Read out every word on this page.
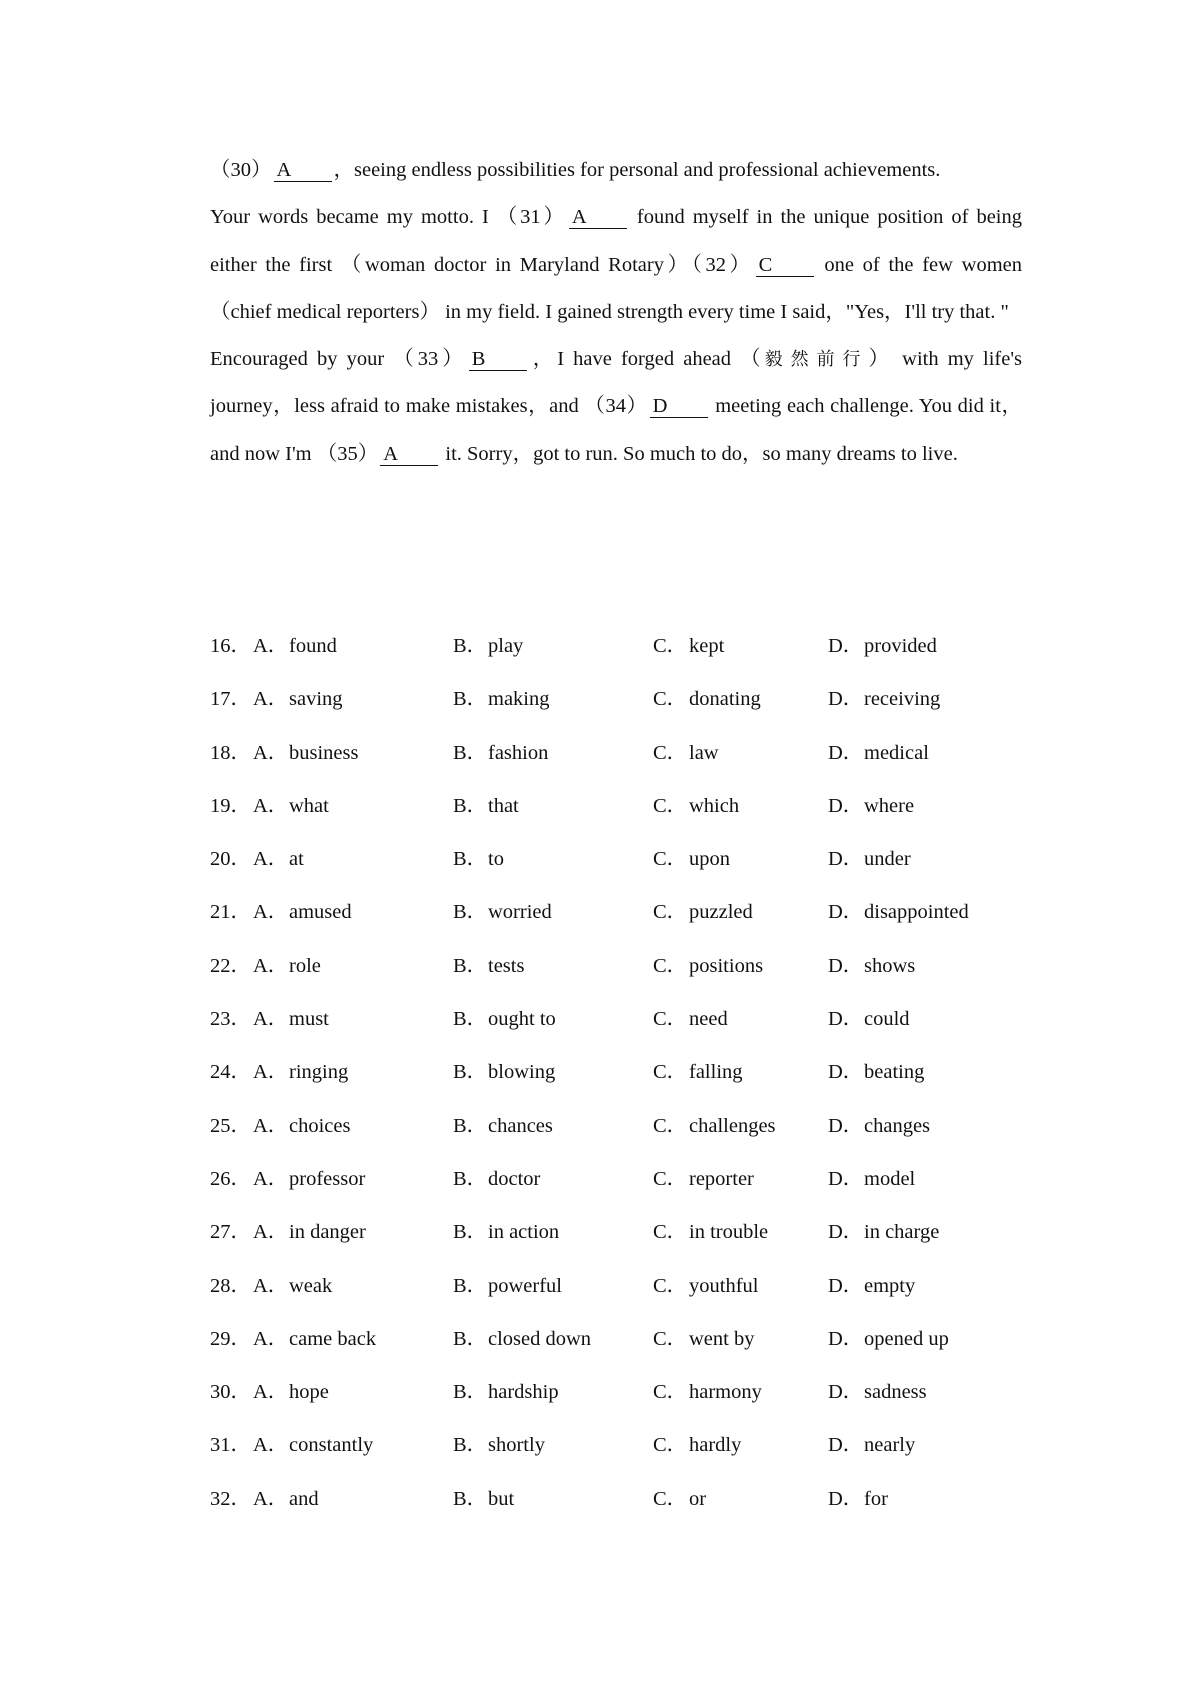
（30） A ，seeing endless possibilities for personal and professional achievements.

Your words became my motto. I （31） A found myself in the unique position of being either the first （woman doctor in Maryland Rotary）（32） C one of the few women （chief medical reporters） in my field. I gained strength every time I said，"Yes，I'll try that. "

Encouraged by your （33） B ，I have forged ahead （毅然前行） with my life's journey，less afraid to make mistakes，and （34） D meeting each challenge. You did it，and now I'm （35） A it. Sorry，got to run. So much to do，so many dreams to live.

16． A． found	B． play	C． kept	D． provided
17． A． saving	B． making	C． donating	D． receiving
18． A． business	B． fashion	C． law	D． medical
19． A． what	B． that	C． which	D． where
20． A． at	B． to	C． upon	D． under
21． A． amused	B． worried	C． puzzled	D． disappointed
22． A． role	B． tests	C． positions	D． shows
23． A． must	B． ought to	C． need	D． could
24． A． ringing	B． blowing	C． falling	D． beating
25． A． choices	B． chances	C． challenges	D． changes
26． A． professor	B． doctor	C． reporter	D． model
27． A． in danger	B． in action	C． in trouble	D． in charge
28． A． weak	B． powerful	C． youthful	D． empty
29． A． came back	B． closed down	C． went by	D． opened up
30． A． hope	B． hardship	C． harmony	D． sadness
31． A． constantly	B． shortly	C． hardly	D． nearly
32． A． and	B． but	C． or	D． for
